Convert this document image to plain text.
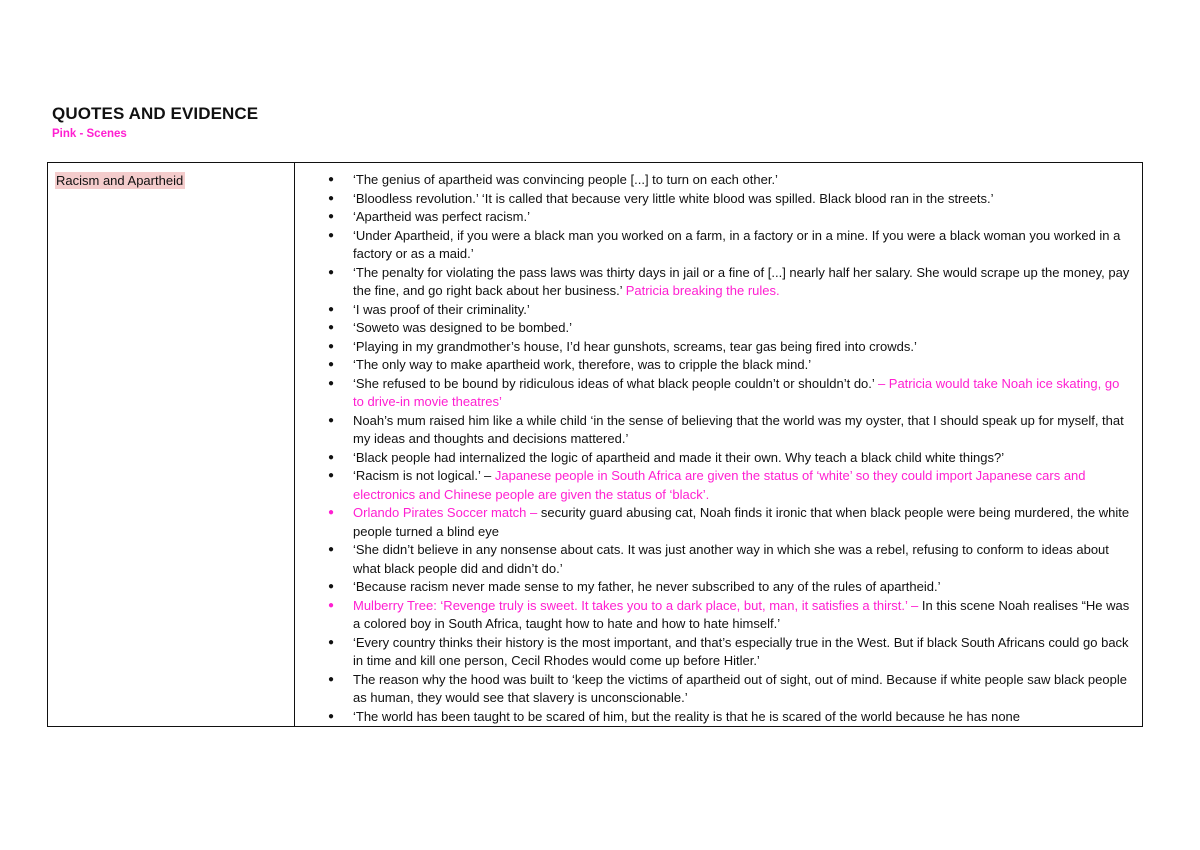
QUOTES AND EVIDENCE
Pink - Scenes
Racism and Apartheid	● ‘The genius of apartheid was convincing people [...] to turn on each other.’
● ‘Bloodless revolution.’ ‘It is called that because very little white blood was spilled. Black blood ran in the streets.’
● ‘Apartheid was perfect racism.’
● ‘Under Apartheid, if you were a black man you worked on a farm, in a factory or in a mine. If you were a black woman you worked in a factory or as a maid.’
● ‘The penalty for violating the pass laws was thirty days in jail or a fine of [...] nearly half her salary. She would scrape up the money, pay the fine, and go right back about her business.’ Patricia breaking the rules.
● ‘I was proof of their criminality.’
● ‘Soweto was designed to be bombed.’
● ‘Playing in my grandmother’s house, I’d hear gunshots, screams, tear gas being fired into crowds.’
● ‘The only way to make apartheid work, therefore, was to cripple the black mind.’
● ‘She refused to be bound by ridiculous ideas of what black people couldn’t or shouldn’t do.’ – Patricia would take Noah ice skating, go to drive-in movie theatres’
● Noah’s mum raised him like a while child ‘in the sense of believing that the world was my oyster, that I should speak up for myself, that my ideas and thoughts and decisions mattered.’
● ‘Black people had internalized the logic of apartheid and made it their own. Why teach a black child white things?’
● ‘Racism is not logical.’ – Japanese people in South Africa are given the status of ‘white’ so they could import Japanese cars and electronics and Chinese people are given the status of ‘black’.
● Orlando Pirates Soccer match – security guard abusing cat, Noah finds it ironic that when black people were being murdered, the white people turned a blind eye
● ‘She didn’t believe in any nonsense about cats. It was just another way in which she was a rebel, refusing to conform to ideas about what black people did and didn’t do.’
● ‘Because racism never made sense to my father, he never subscribed to any of the rules of apartheid.’
● Mulberry Tree: ‘Revenge truly is sweet. It takes you to a dark place, but, man, it satisfies a thirst.’ – In this scene Noah realises “He was a colored boy in South Africa, taught how to hate and how to hate himself.’
● ‘Every country thinks their history is the most important, and that’s especially true in the West. But if black South Africans could go back in time and kill one person, Cecil Rhodes would come up before Hitler.’
● The reason why the hood was built to ‘keep the victims of apartheid out of sight, out of mind. Because if white people saw black people as human, they would see that slavery is unconscionable.’
● ‘The world has been taught to be scared of him, but the reality is that he is scared of the world because he has none
